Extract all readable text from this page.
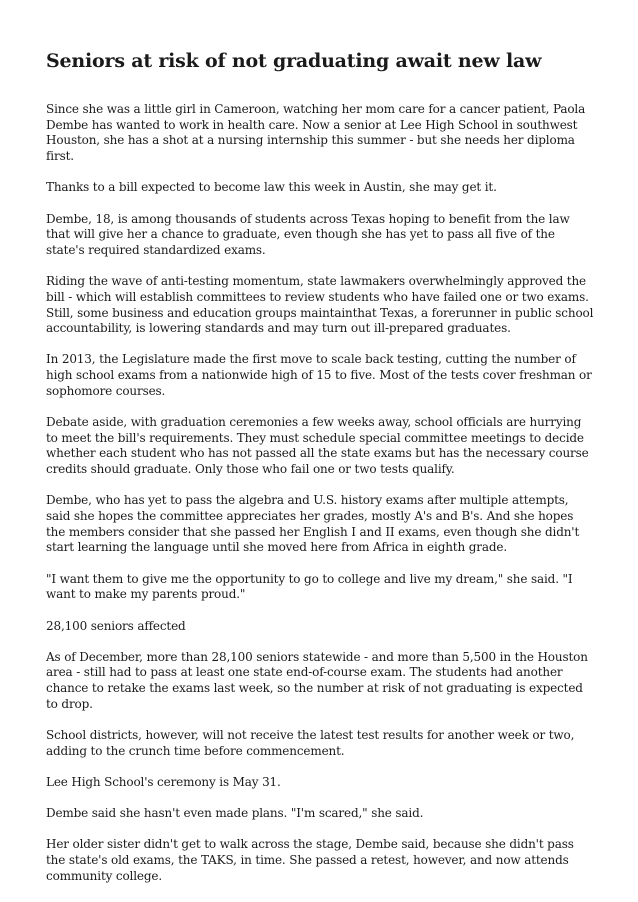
Seniors at risk of not graduating await new law

Since she was a little girl in Cameroon, watching her mom care for a cancer patient, Paola Dembe has wanted to work in health care. Now a senior at Lee High School in southwest Houston, she has a shot at a nursing internship this summer - but she needs her diploma first.

Thanks to a bill expected to become law this week in Austin, she may get it.

Dembe, 18, is among thousands of students across Texas hoping to benefit from the law that will give her a chance to graduate, even though she has yet to pass all five of the state's required standardized exams.

Riding the wave of anti-testing momentum, state lawmakers overwhelmingly approved the bill - which will establish committees to review students who have failed one or two exams. Still, some business and education groups maintainthat Texas, a forerunner in public school accountability, is lowering standards and may turn out ill-prepared graduates.

In 2013, the Legislature made the first move to scale back testing, cutting the number of high school exams from a nationwide high of 15 to five. Most of the tests cover freshman or sophomore courses.

Debate aside, with graduation ceremonies a few weeks away, school officials are hurrying to meet the bill's requirements. They must schedule special committee meetings to decide whether each student who has not passed all the state exams but has the necessary course credits should graduate. Only those who fail one or two tests qualify.

Dembe, who has yet to pass the algebra and U.S. history exams after multiple attempts, said she hopes the committee appreciates her grades, mostly A's and B's. And she hopes the members consider that she passed her English I and II exams, even though she didn't start learning the language until she moved here from Africa in eighth grade.

"I want them to give me the opportunity to go to college and live my dream," she said. "I want to make my parents proud."

28,100 seniors affected

As of December, more than 28,100 seniors statewide - and more than 5,500 in the Houston area - still had to pass at least one state end-of-course exam. The students had another chance to retake the exams last week, so the number at risk of not graduating is expected to drop.

School districts, however, will not receive the latest test results for another week or two, adding to the crunch time before commencement.

Lee High School's ceremony is May 31.

Dembe said she hasn't even made plans. "I'm scared," she said.

Her older sister didn't get to walk across the stage, Dembe said, because she didn't pass the state's old exams, the TAKS, in time. She passed a retest, however, and now attends community college.
